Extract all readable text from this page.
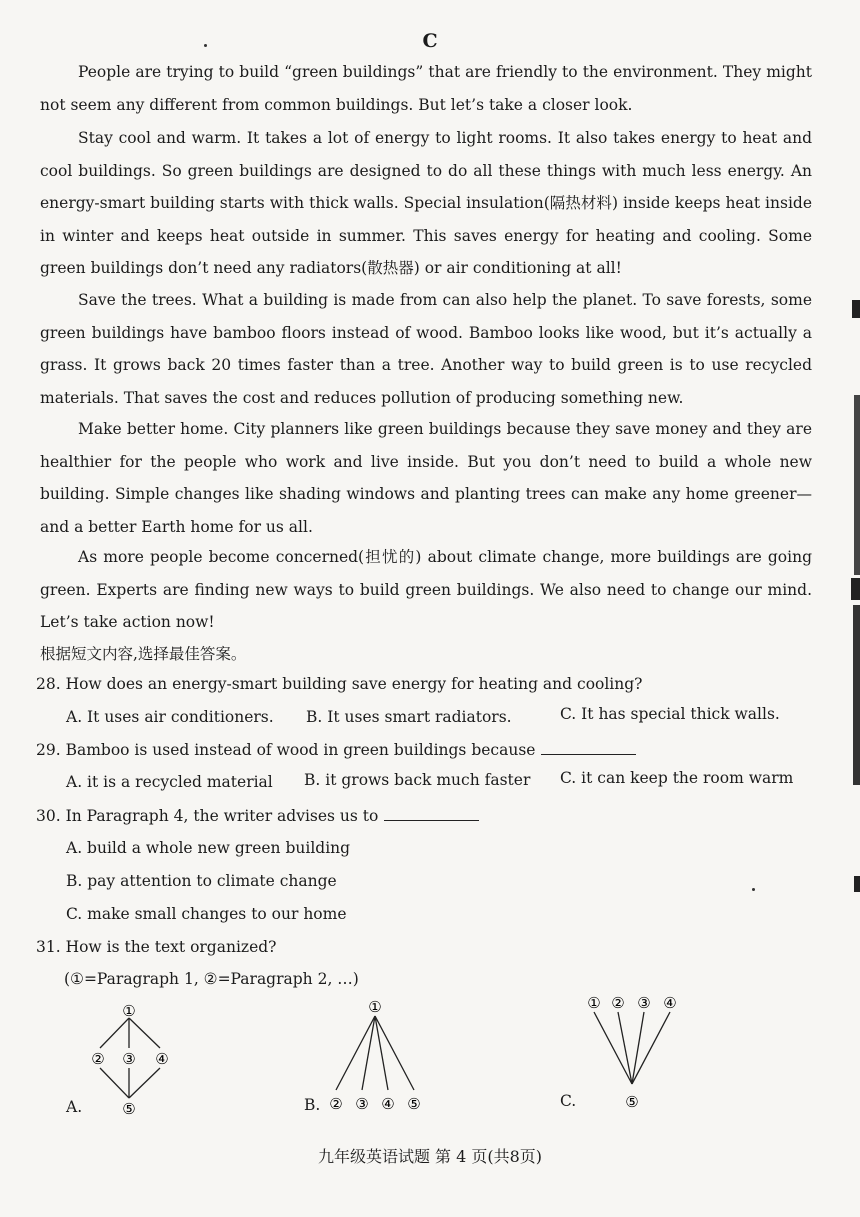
C

People are trying to build “green buildings” that are friendly to the environment. They might not seem any different from common buildings. But let’s take a closer look.

Stay cool and warm. It takes a lot of energy to light rooms. It also takes energy to heat and cool buildings. So green buildings are designed to do all these things with much less energy. An energy-smart building starts with thick walls. Special insulation(隔热材料) inside keeps heat inside in winter and keeps heat outside in summer. This saves energy for heating and cooling. Some green buildings don’t need any radiators(散热器) or air conditioning at all!

Save the trees. What a building is made from can also help the planet. To save forests, some green buildings have bamboo floors instead of wood. Bamboo looks like wood, but it’s actually a grass. It grows back 20 times faster than a tree. Another way to build green is to use recycled materials. That saves the cost and reduces pollution of producing something new.

Make better home. City planners like green buildings because they save money and they are healthier for the people who work and live inside. But you don’t need to build a whole new building. Simple changes like shading windows and planting trees can make any home greener—and a better Earth home for us all.

As more people become concerned(担忧的) about climate change, more buildings are going green. Experts are finding new ways to build green buildings. We also need to change our mind. Let’s take action now!

根据短文内容,选择最佳答案。
28. How does an energy-smart building save energy for heating and cooling?
A. It uses air conditioners. B. It uses smart radiators.	C. It has special thick walls.
29. Bamboo is used instead of wood in green buildings because
A. it is a recycled material B. it grows back much faster C. it can keep the room warm
30. In Paragraph 4, the writer advises us to
A. build a whole new green building
B. pay attention to climate change
C. make small changes to our home
31. How is the text organized?
(①=Paragraph 1, ②=Paragraph 2, …)
A.
①
② ③ ④
⑤	B.
①
② ③ ④ ⑤	C.
① ② ③ ④
⑤
九年级英语试题 第 4 页(共8页)
